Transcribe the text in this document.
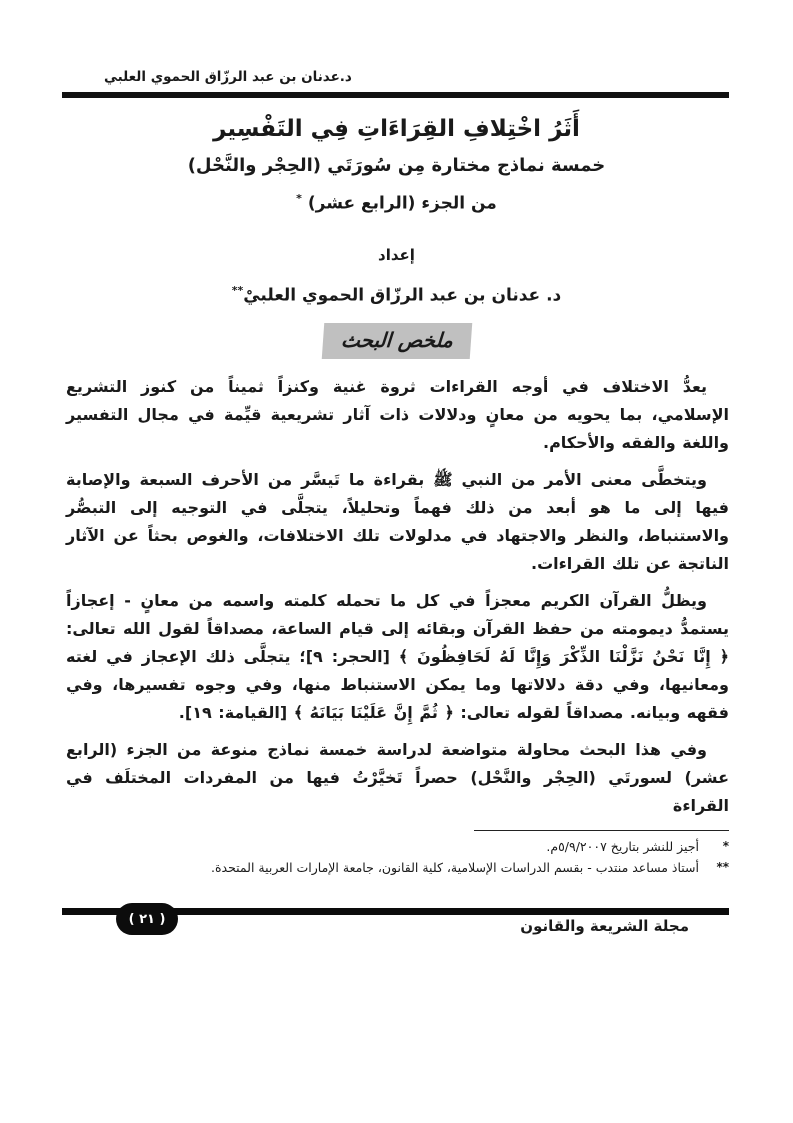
د.عدنان بن عبد الرزّاق الحموي العلبي
أَثَرُ اخْتِلافِ القِرَاءَاتِ فِي التَفْسِير
خمسة نماذج مختارة مِن سُورَتَي (الحِجْر والنَّحْل)
من الجزء (الرابع عشر) *
إعداد
د. عدنان بن عبد الرزّاق الحموي العلبيْ**
ملخص البحث

يعدُّ الاختلاف في أوجه القراءات ثروة غنية وكنزاً ثميناً من كنوز التشريع الإسلامي، بما يحويه من معانٍ ودلالات ذات آثار تشريعية قيِّمة في مجال التفسير واللغة والفقه والأحكام.

ويتخطَّى معنى الأمر من النبي ﷺ بقراءة ما تَيسَّر من الأحرف السبعة والإصابة فيها إلى ما هو أبعد من ذلك فهماً وتحليلاً، يتجلَّى في التوجيه إلى التبصُّر والاستنباط، والنظر والاجتهاد في مدلولات تلك الاختلافات، والغوص بحثاً عن الآثار الناتجة عن تلك القراءات.

ويظلُّ القرآن الكريم معجزاً في كل ما تحمله كلمته واسمه من معانٍ - إعجازاً يستمدُّ ديمومته من حفظ القرآن وبقائه إلى قيام الساعة، مصداقاً لقول الله تعالى: ﴿ إِنَّا نَحْنُ نَزَّلْنَا الذِّكْرَ وَإِنَّا لَهُ لَحَافِظُونَ ﴾ [الحجر: ٩]؛ يتجلَّى ذلك الإعجاز في لغته ومعانيها، وفي دقة دلالاتها وما يمكن الاستنباط منها، وفي وجوه تفسيرها، وفي فقهه وبيانه. مصداقاً لقوله تعالى: ﴿ ثُمَّ إِنَّ عَلَيْنَا بَيَانَهُ ﴾ [القيامة: ١٩].

وفي هذا البحث محاولة متواضعة لدراسة خمسة نماذج منوعة من الجزء (الرابع عشر) لسورتَي (الحِجْر والنَّحْل) حصراً تَخيَّرْتُ فيها من المفردات المختلَف في القراءة

*
أجيز للنشر بتاريخ ٥/٩/٢٠٠٧م.
**
أستاذ مساعد منتدب - بقسم الدراسات الإسلامية، كلية القانون، جامعة الإمارات العربية المتحدة.
مجلة الشريعة والقانون
( ٢١ )
